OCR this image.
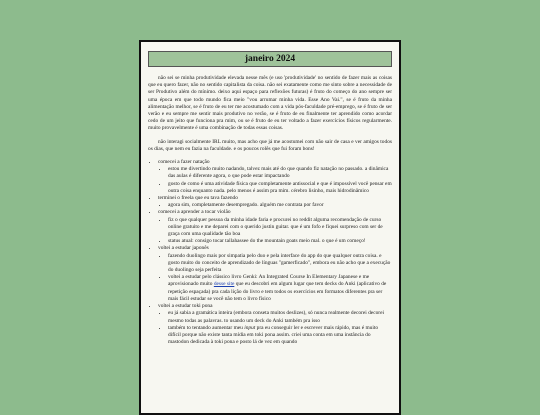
janeiro 2024

não sei se minha produtividade elevada nesse mês (e uso 'produtividade' no sentido de fazer mais as coisas que eu quero fazer, não no sentido capitalista da coisa. não sei exatamente como me sinto sobre a necessidade de ser Produtivo além do mínimo. deixo aqui espaço para reflexões futuras) é fruto do começo do ano sempre ser uma época em que todo mundo fica meio "vou arrumar minha vida. Esse Ano Vai.", se é fruto da minha alimentação melhor, se é fruto de eu ter me acostumado com a vida pós-faculdade pré-emprego, se é fruto de ser verão e eu sempre me sentir mais produtivo no verão, se é fruto de eu finalmente ter aprendido como acordar cedo de um jeito que funciona pra mim, ou se é fruto de eu ter voltado a fazer exercícios físicos regularmente. muito provavelmente é uma combinação de todas essas coisas.

não interagi socialmente IRL muito, mas acho que já me acostumei com não sair de casa e ver amigos todos os dias, que nem eu fazia na faculdade. e os poucos rolês que fui foram bons!

• comecei a fazer natação
• estou me divertindo muito nadando, talvez mais até do que quando fiz natação no passado. a dinâmica das aulas é diferente agora, o que pode estar impactando
• gosto de como é uma atividade física que completamente antissocial e que é impossível você pensar em outra coisa enquanto nada. pelo menos é assim pra mim. cérebro lisinho, mais hidrodinâmico
• terminei o freela que eu tava fazendo
• agora sim, completamente desempregado. alguém me contrata por favor
• comecei a aprender a tocar violão
• fiz o que qualquer pessoa da minha idade faria e procurei no reddit alguma recomendação de curso online gratuito e me deparei com o querido justin guitar. que é um fofo e fiquei surpreso com ser de graça com uma qualidade tão boa
• status atual: consigo tocar tallahassee do the mountain goats meio mal. o que é um começo!
• voltei a estudar japonês
• fazendo duolingo mais por simpatia pelo duo e pela interface do app do que qualquer outra coisa. e gosto muito do conceito de aprendizado de línguas "gamerficado", embora eu não acho que a execução do duolingo seja perfeita
• voltei a estudar pelo clássico livro Genki: An Integrated Course In Elementary Japanese e me aprovisionado muito desse site que eu descobri em algum lugar que tem decks do Anki (aplicativo de repetição espaçada) pra cada lição do livro e tem todos os exercícios em formatos diferentes pra ser mais fácil estudar se você não tem o livro físico
• voltei a estudar toki pona
• eu já sabia a gramática inteira (embora conseta muitos deslizes), só nunca realmente decorei decorei mesmo todas as palavras. to usando um deck do Anki também pra isso
• também to tentando aumentar meu input pra eu conseguir ler e escrever mais rápido, mas é muito difícil porque não existe tanta mídia em toki pona assim. criei uma conta em uma instância do mastodon dedicada à toki pona e posto lá de vez em quando
